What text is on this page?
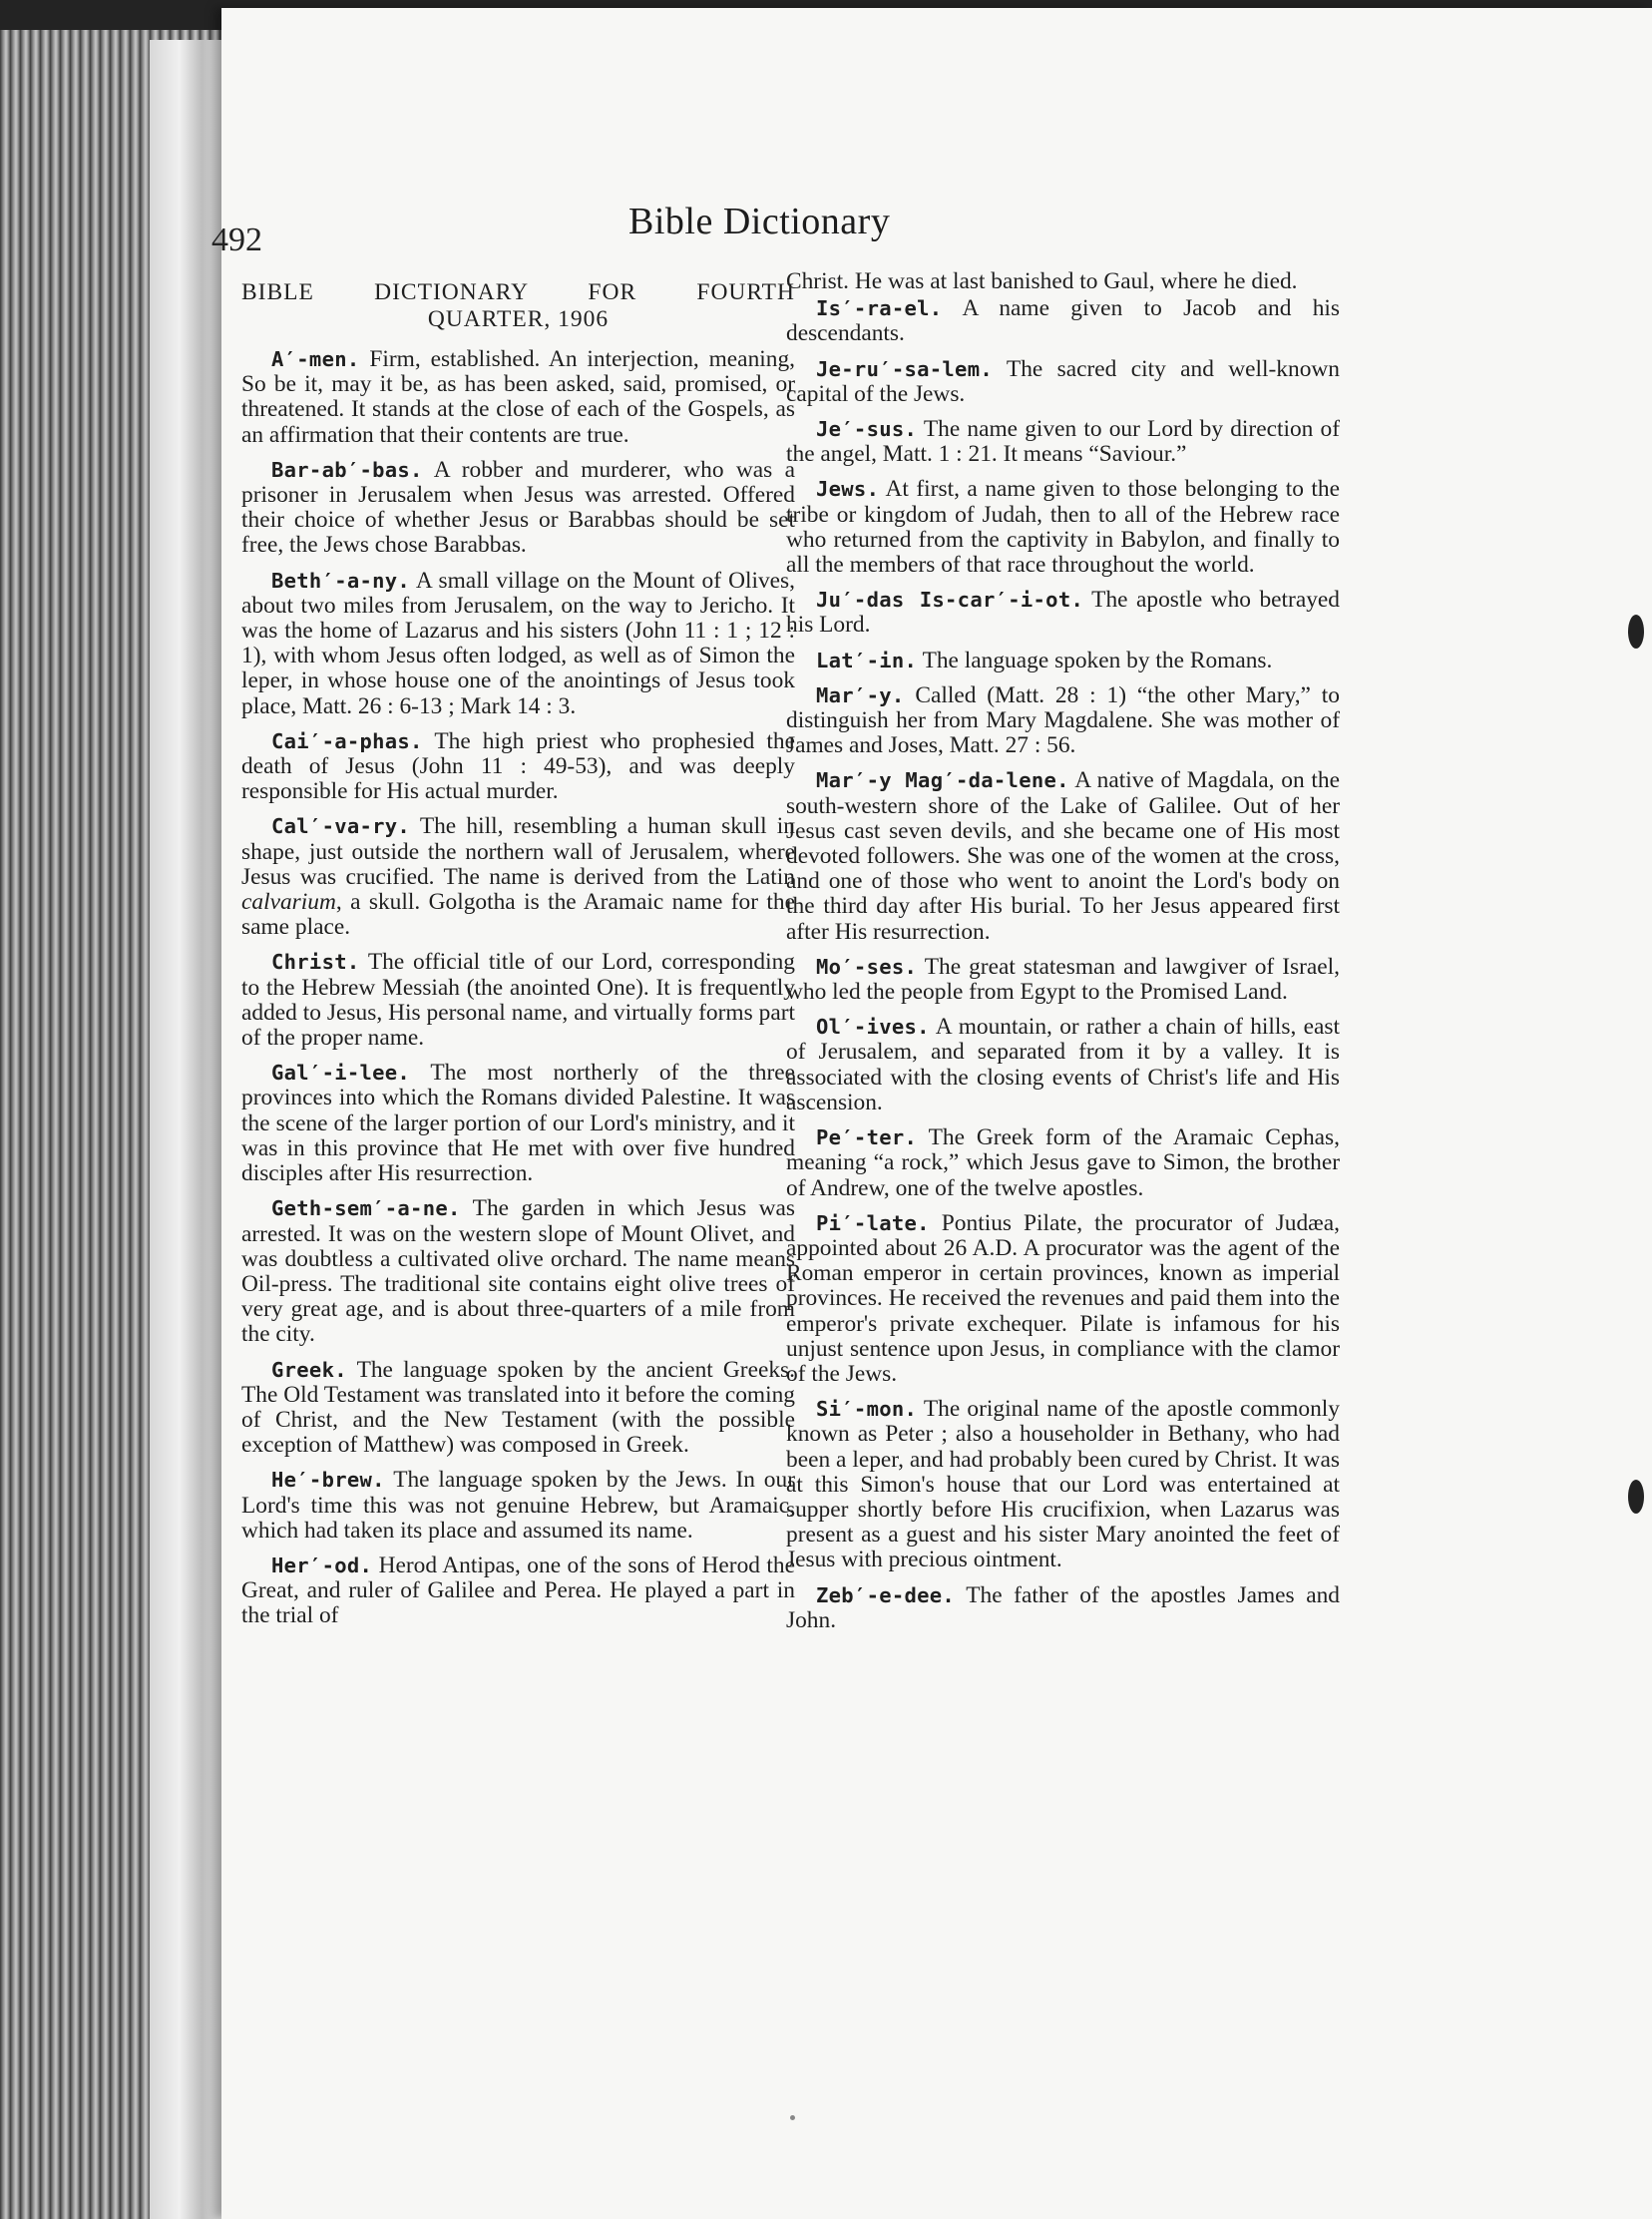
492	Bible Dictionary
BIBLE DICTIONARY FOR FOURTH
QUARTER, 1906

A′-men. Firm, established. An interjection, meaning, So be it, may it be, as has been asked, said, promised, or threatened. It stands at the close of each of the Gospels, as an affirmation that their contents are true.

Bar-ab′-bas. A robber and murderer, who was a prisoner in Jerusalem when Jesus was arrested. Offered their choice of whether Jesus or Barabbas should be set free, the Jews chose Barabbas.

Beth′-a-ny. A small village on the Mount of Olives, about two miles from Jerusalem, on the way to Jericho. It was the home of Lazarus and his sisters (John 11 : 1 ; 12 : 1), with whom Jesus often lodged, as well as of Simon the leper, in whose house one of the anointings of Jesus took place, Matt. 26 : 6-13 ; Mark 14 : 3.

Cai′-a-phas. The high priest who prophesied the death of Jesus (John 11 : 49-53), and was deeply responsible for His actual murder.

Cal′-va-ry. The hill, resembling a human skull in shape, just outside the northern wall of Jerusalem, where Jesus was crucified. The name is derived from the Latin calvarium, a skull. Golgotha is the Aramaic name for the same place.

Christ. The official title of our Lord, corresponding to the Hebrew Messiah (the anointed One). It is frequently added to Jesus, His personal name, and virtually forms part of the proper name.

Gal′-i-lee. The most northerly of the three provinces into which the Romans divided Palestine. It was the scene of the larger portion of our Lord's ministry, and it was in this province that He met with over five hundred disciples after His resurrection.

Geth-sem′-a-ne. The garden in which Jesus was arrested. It was on the western slope of Mount Olivet, and was doubtless a cultivated olive orchard. The name means Oil-press. The traditional site contains eight olive trees of very great age, and is about three-quarters of a mile from the city.

Greek. The language spoken by the ancient Greeks. The Old Testament was translated into it before the coming of Christ, and the New Testament (with the possible exception of Matthew) was composed in Greek.

He′-brew. The language spoken by the Jews. In our Lord's time this was not genuine Hebrew, but Aramaic, which had taken its place and assumed its name.

Her′-od. Herod Antipas, one of the sons of Herod the Great, and ruler of Galilee and Perea. He played a part in the trial of

Christ. He was at last banished to Gaul, where he died.

Is′-ra-el. A name given to Jacob and his descendants.

Je-ru′-sa-lem. The sacred city and well-known capital of the Jews.

Je′-sus. The name given to our Lord by direction of the angel, Matt. 1 : 21. It means “Saviour.”

Jews. At first, a name given to those belonging to the tribe or kingdom of Judah, then to all of the Hebrew race who returned from the captivity in Babylon, and finally to all the members of that race throughout the world.

Ju′-das Is-car′-i-ot. The apostle who betrayed his Lord.

Lat′-in. The language spoken by the Romans.

Mar′-y. Called (Matt. 28 : 1) “the other Mary,” to distinguish her from Mary Magdalene. She was mother of James and Joses, Matt. 27 : 56.

Mar′-y Mag′-da-lene. A native of Magdala, on the south-western shore of the Lake of Galilee. Out of her Jesus cast seven devils, and she became one of His most devoted followers. She was one of the women at the cross, and one of those who went to anoint the Lord's body on the third day after His burial. To her Jesus appeared first after His resurrection.

Mo′-ses. The great statesman and lawgiver of Israel, who led the people from Egypt to the Promised Land.

Ol′-ives. A mountain, or rather a chain of hills, east of Jerusalem, and separated from it by a valley. It is associated with the closing events of Christ's life and His ascension.

Pe′-ter. The Greek form of the Aramaic Cephas, meaning “a rock,” which Jesus gave to Simon, the brother of Andrew, one of the twelve apostles.

Pi′-late. Pontius Pilate, the procurator of Judæa, appointed about 26 A.D. A procurator was the agent of the Roman emperor in certain provinces, known as imperial provinces. He received the revenues and paid them into the emperor's private exchequer. Pilate is infamous for his unjust sentence upon Jesus, in compliance with the clamor of the Jews.

Si′-mon. The original name of the apostle commonly known as Peter ; also a householder in Bethany, who had been a leper, and had probably been cured by Christ. It was at this Simon's house that our Lord was entertained at supper shortly before His crucifixion, when Lazarus was present as a guest and his sister Mary anointed the feet of Jesus with precious ointment.

Zeb′-e-dee. The father of the apostles James and John.
